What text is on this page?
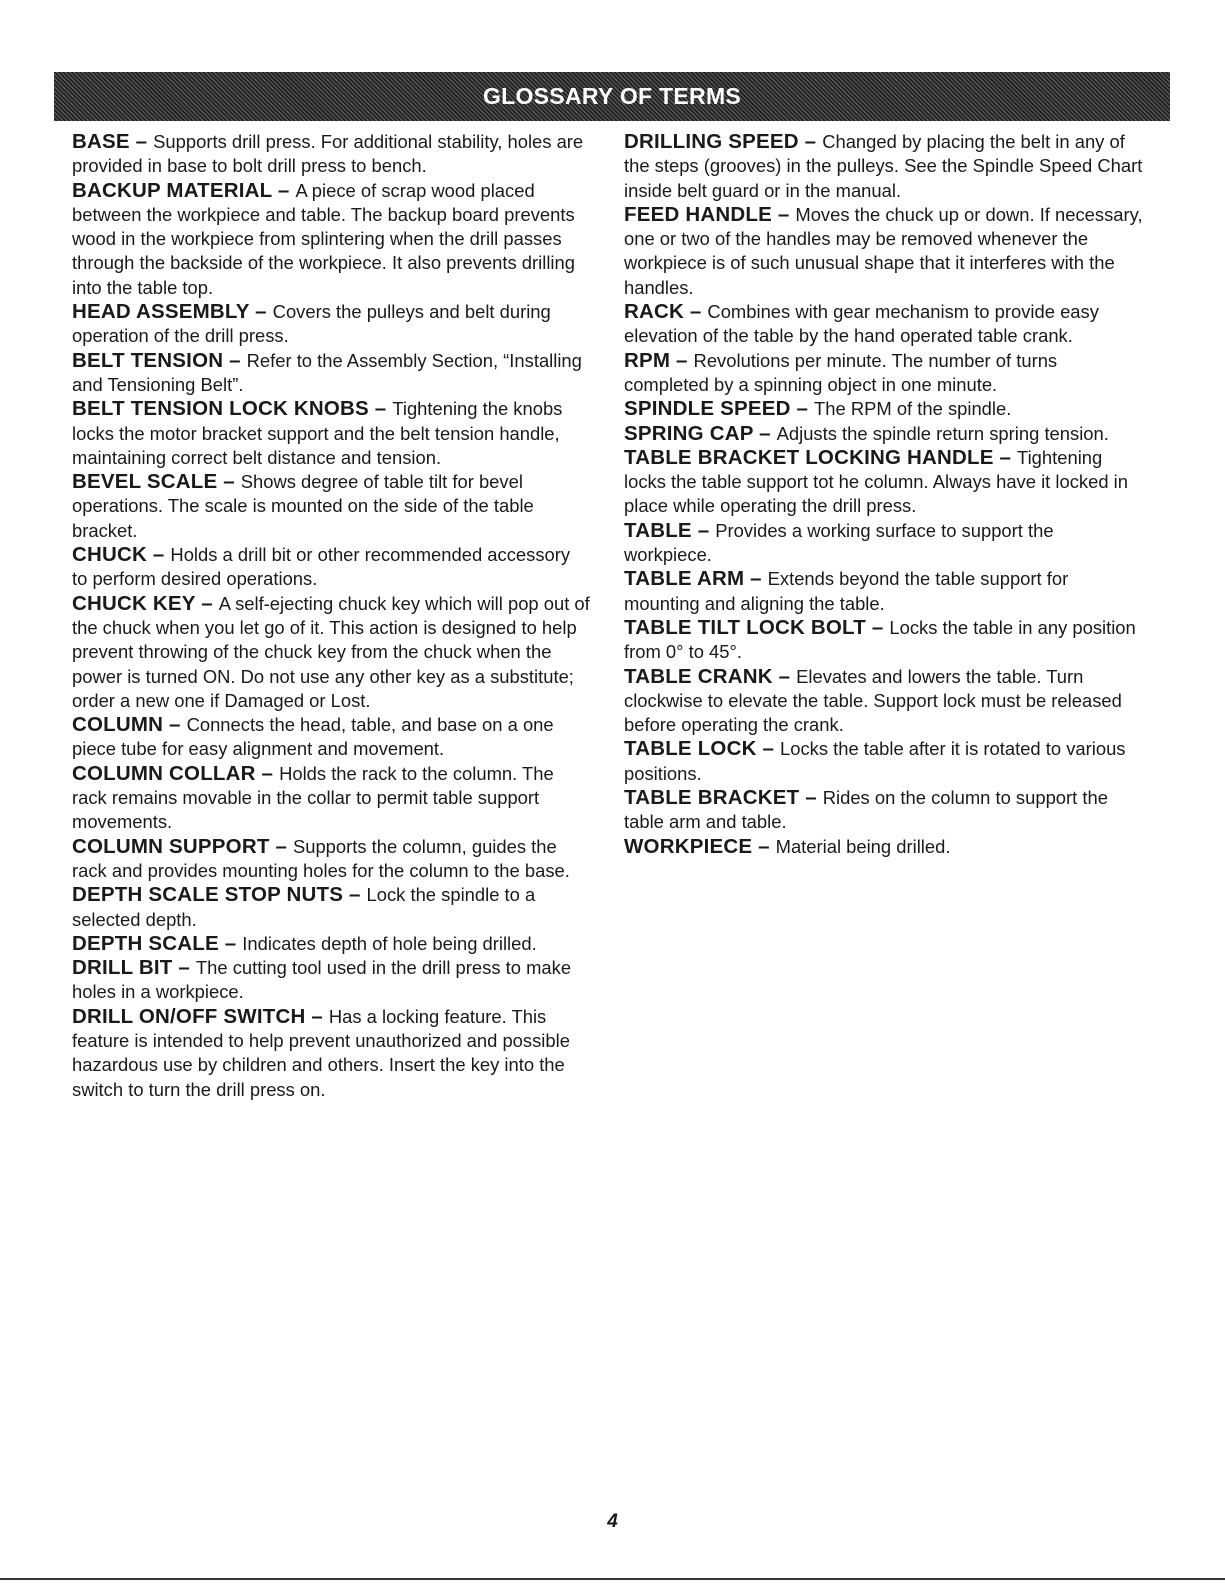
GLOSSARY OF TERMS

BASE – Supports drill press. For additional stability, holes are provided in base to bolt drill press to bench.

BACKUP MATERIAL – A piece of scrap wood placed between the workpiece and table. The backup board prevents wood in the workpiece from splintering when the drill passes through the backside of the workpiece. It also prevents drilling into the table top.

HEAD ASSEMBLY – Covers the pulleys and belt during operation of the drill press.

BELT TENSION – Refer to the Assembly Section, “Installing and Tensioning Belt”.

BELT TENSION LOCK KNOBS – Tightening the knobs locks the motor bracket support and the belt tension handle, maintaining correct belt distance and tension.

BEVEL SCALE – Shows degree of table tilt for bevel operations. The scale is mounted on the side of the table bracket.

CHUCK – Holds a drill bit or other recommended accessory to perform desired operations.

CHUCK KEY – A self-ejecting chuck key which will pop out of the chuck when you let go of it. This action is designed to help prevent throwing of the chuck key from the chuck when the power is turned ON. Do not use any other key as a substitute; order a new one if Damaged or Lost.

COLUMN – Connects the head, table, and base on a one piece tube for easy alignment and movement.

COLUMN COLLAR – Holds the rack to the column. The rack remains movable in the collar to permit table support movements.

COLUMN SUPPORT – Supports the column, guides the rack and provides mounting holes for the column to the base.

DEPTH SCALE STOP NUTS – Lock the spindle to a selected depth.

DEPTH SCALE – Indicates depth of hole being drilled.

DRILL BIT – The cutting tool used in the drill press to make holes in a workpiece.

DRILL ON/OFF SWITCH – Has a locking feature. This feature is intended to help prevent unauthorized and possible hazardous use by children and others. Insert the key into the switch to turn the drill press on.

DRILLING SPEED – Changed by placing the belt in any of the steps (grooves) in the pulleys. See the Spindle Speed Chart inside belt guard or in the manual.

FEED HANDLE – Moves the chuck up or down. If necessary, one or two of the handles may be removed whenever the workpiece is of such unusual shape that it interferes with the handles.

RACK – Combines with gear mechanism to provide easy elevation of the table by the hand operated table crank.

RPM – Revolutions per minute. The number of turns completed by a spinning object in one minute.

SPINDLE SPEED – The RPM of the spindle.

SPRING CAP – Adjusts the spindle return spring tension.

TABLE BRACKET LOCKING HANDLE – Tightening locks the table support tot he column. Always have it locked in place while operating the drill press.

TABLE – Provides a working surface to support the workpiece.

TABLE ARM – Extends beyond the table support for mounting and aligning the table.

TABLE TILT LOCK BOLT – Locks the table in any position from 0° to 45°.

TABLE CRANK – Elevates and lowers the table. Turn clockwise to elevate the table. Support lock must be released before operating the crank.

TABLE LOCK – Locks the table after it is rotated to various positions.

TABLE BRACKET – Rides on the column to support the table arm and table.

WORKPIECE – Material being drilled.

4
